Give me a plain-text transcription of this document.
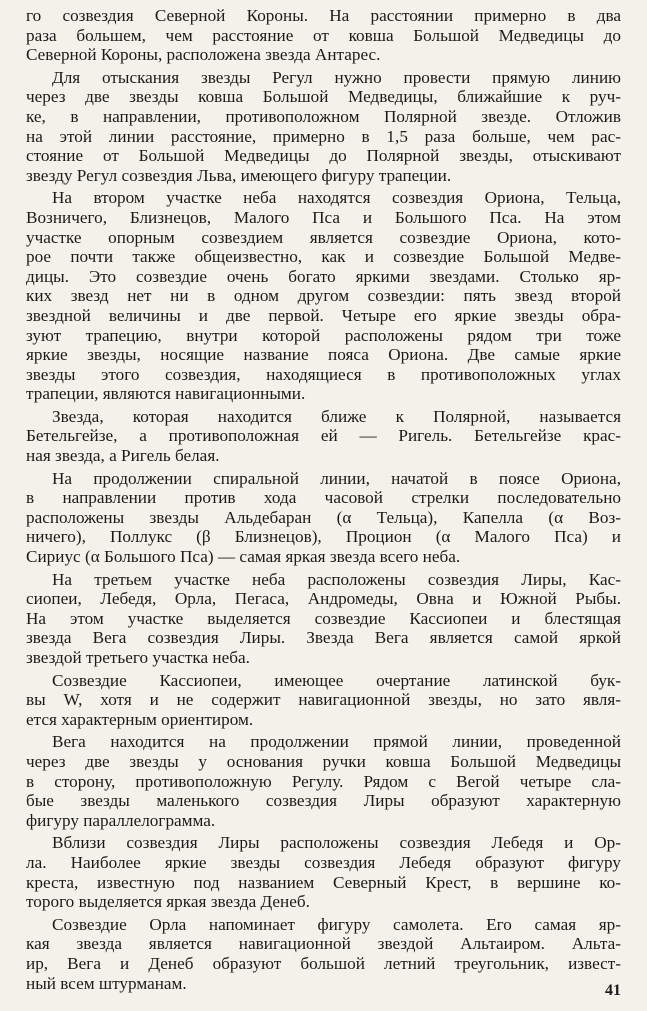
го созвездия Северной Короны. На расстоянии примерно в два
раза большем, чем расстояние от ковша Большой Медведицы до
Северной Короны, расположена звезда Антарес.

Для отыскания звезды Регул нужно провести прямую линию
через две звезды ковша Большой Медведицы, ближайшие к руч-
ке, в направлении, противоположном Полярной звезде. Отложив
на этой линии расстояние, примерно в 1,5 раза больше, чем рас-
стояние от Большой Медведицы до Полярной звезды, отыскивают
звезду Регул созвездия Льва, имеющего фигуру трапеции.

На втором участке неба находятся созвездия Ориона, Тельца,
Возничего, Близнецов, Малого Пса и Большого Пса. На этом
участке опорным созвездием является созвездие Ориона, кото-
рое почти также общеизвестно, как и созвездие Большой Медве-
дицы. Это созвездие очень богато яркими звездами. Столько яр-
ких звезд нет ни в одном другом созвездии: пять звезд второй
звездной величины и две первой. Четыре его яркие звезды обра-
зуют трапецию, внутри которой расположены рядом три тоже
яркие звезды, носящие название пояса Ориона. Две самые яркие
звезды этого созвездия, находящиеся в противоположных углах
трапеции, являются навигационными.

Звезда, которая находится ближе к Полярной, называется
Бетельгейзе, а противоположная ей — Ригель. Бетельгейзе крас-
ная звезда, а Ригель белая.

На продолжении спиральной линии, начатой в поясе Ориона,
в направлении против хода часовой стрелки последовательно
расположены звезды Альдебаран (α Тельца), Капелла (α Воз-
ничего), Поллукс (β Близнецов), Процион (α Малого Пса) и
Сириус (α Большого Пса) — самая яркая звезда всего неба.

На третьем участке неба расположены созвездия Лиры, Кас-
сиопеи, Лебедя, Орла, Пегаса, Андромеды, Овна и Южной Рыбы.
На этом участке выделяется созвездие Кассиопеи и блестящая
звезда Вега созвездия Лиры. Звезда Вега является самой яркой
звездой третьего участка неба.

Созвездие Кассиопеи, имеющее очертание латинской бук-
вы W, хотя и не содержит навигационной звезды, но зато явля-
ется характерным ориентиром.

Вега находится на продолжении прямой линии, проведенной
через две звезды у основания ручки ковша Большой Медведицы
в сторону, противоположную Регулу. Рядом с Вегой четыре сла-
бые звезды маленького созвездия Лиры образуют характерную
фигуру параллелограмма.

Вблизи созвездия Лиры расположены созвездия Лебедя и Ор-
ла. Наиболее яркие звезды созвездия Лебедя образуют фигуру
креста, известную под названием Северный Крест, в вершине ко-
торого выделяется яркая звезда Денеб.

Созвездие Орла напоминает фигуру самолета. Его самая яр-
кая звезда является навигационной звездой Альтаиром. Альта-
ир, Вега и Денеб образуют большой летний треугольник, извест-
ный всем штурманам.	41
